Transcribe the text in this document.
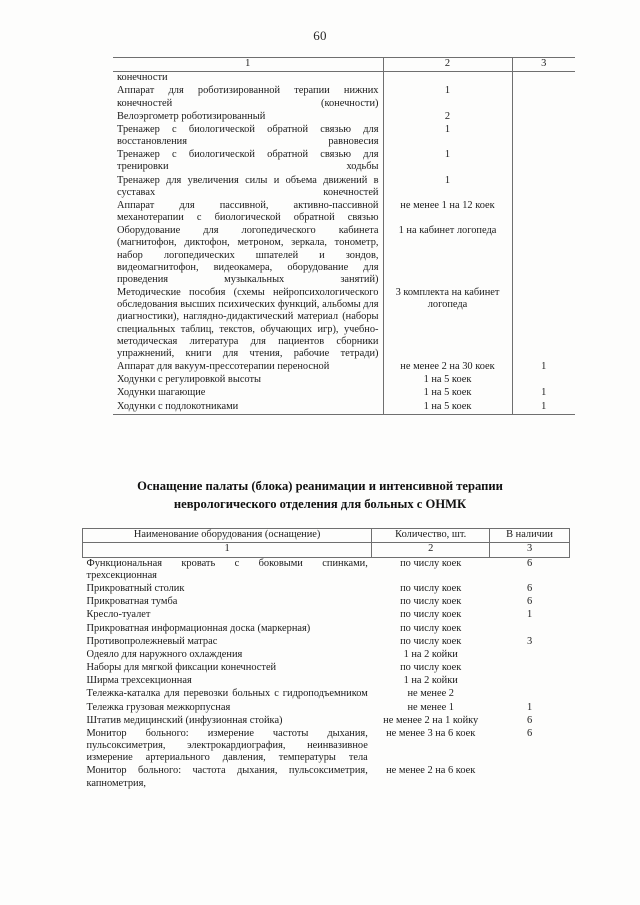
60
1	2	3
конечности		
Аппарат для роботизированной терапии нижних конечностей (конечности)	1	
Велоэргометр роботизированный	2	
Тренажер с биологической обратной связью для восстановления равновесия	1	
Тренажер с биологической обратной связью для тренировки ходьбы	1	
Тренажер для увеличения силы и объема движений в суставах конечностей	1	
Аппарат для пассивной, активно-пассивной механотерапии с биологической обратной связью	не менее 1 на 12 коек	
Оборудование для логопедического кабинета (магнитофон, диктофон, метроном, зеркала, тонометр, набор логопедических шпателей и зондов, видеомагнитофон, видеокамера, оборудование для проведения музыкальных занятий)	1 на кабинет логопеда	
Методические пособия (схемы нейропсихологического обследования высших психических функций, альбомы для диагностики), наглядно-дидактический материал (наборы специальных таблиц, текстов, обучающих игр), учебно-методическая литература для пациентов сборники упражнений, книги для чтения, рабочие тетради)	3 комплекта на кабинет логопеда	
Аппарат для вакуум-прессотерапии переносной	не менее 2 на 30 коек	1
Ходунки с регулировкой высоты	1 на 5 коек	
Ходунки шагающие	1 на 5 коек	1
Ходунки с подлокотниками	1 на 5 коек	1
Оснащение палаты (блока) реанимации и интенсивной терапии
неврологического отделения для больных с ОНМК
Наименование оборудования (оснащение)	Количество, шт.	В наличии
1	2	3
Функциональная кровать с боковыми спинками, трехсекционная	по числу коек	6
Прикроватный столик	по числу коек	6
Прикроватная тумба	по числу коек	6
Кресло-туалет	по числу коек	1
Прикроватная информационная доска (маркерная)	по числу коек	
Противопролежневый матрас	по числу коек	3
Одеяло для наружного охлаждения	1 на 2 койки	
Наборы для мягкой фиксации конечностей	по числу коек	
Ширма трехсекционная	1 на 2 койки	
Тележка-каталка для перевозки больных с гидроподъемником	не менее 2	
Тележка грузовая межкорпусная	не менее 1	1
Штатив медицинский (инфузионная стойка)	не менее 2 на 1 койку	6
Монитор больного: измерение частоты дыхания, пульсоксиметрия, электрокардиография, неинвазивное измерение артериального давления, температуры тела	не менее 3 на 6 коек	6
Монитор больного: частота дыхания, пульсоксиметрия, капнометрия,	не менее 2 на 6 коек	
